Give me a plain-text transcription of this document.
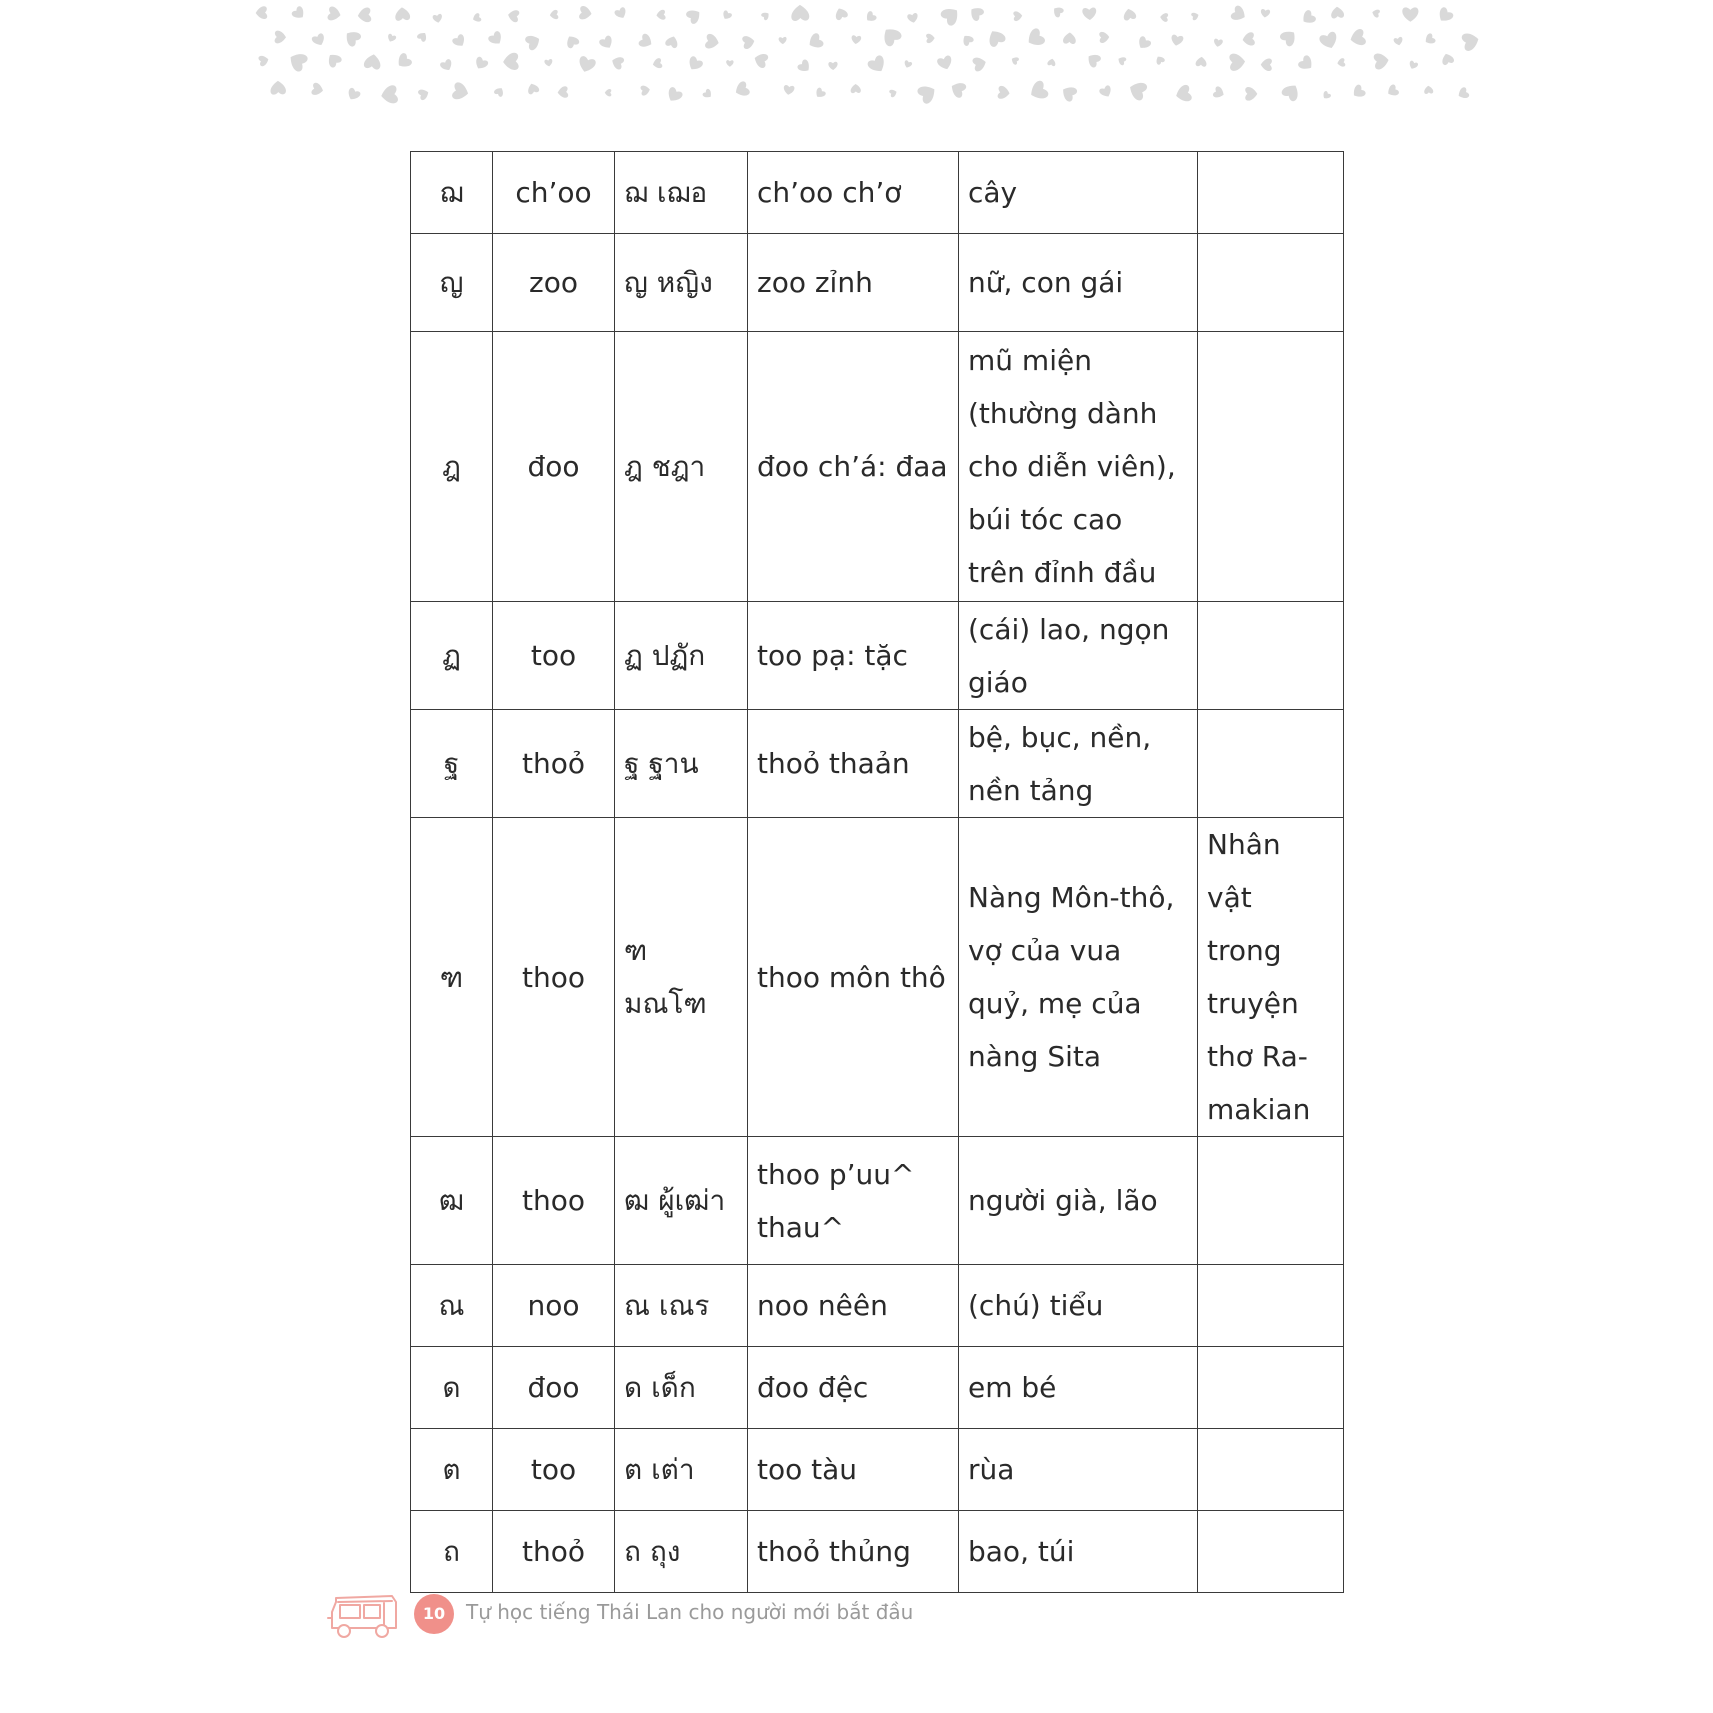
ฌ	ch’oo	ฌ เฌอ	ch’oo ch’ơ	cây	
ญ	zoo	ญ หญิง	zoo zỉnh	nữ, con gái	
ฎ	đoo	ฎ ชฎา	đoo ch’á: đaa	mũ miện (thường dành cho diễn viên), búi tóc cao trên đỉnh đầu	
ฏ	too	ฏ ปฏัก	too pạ: tặc	(cái) lao, ngọn giáo	
ฐ	thoỏ	ฐ ฐาน	thoỏ thaản	bệ, bục, nền, nền tảng	
ฑ	thoo	ฑ มณโฑ	thoo môn thô	Nàng Môn-thô, vợ của vua quỷ, mẹ của nàng Sita	Nhân vật trong truyện thơ Ra-makian
ฒ	thoo	ฒ ผู้เฒ่า	thoo p’uu^ thau^	người già, lão	
ณ	noo	ณ เณร	noo nêên	(chú) tiểu	
ด	đoo	ด เด็ก	đoo đệc	em bé	
ต	too	ต เต่า	too tàu	rùa	
ถ	thoỏ	ถ ถุง	thoỏ thủng	bao, túi	
10	Tự học tiếng Thái Lan cho người mới bắt đầu
